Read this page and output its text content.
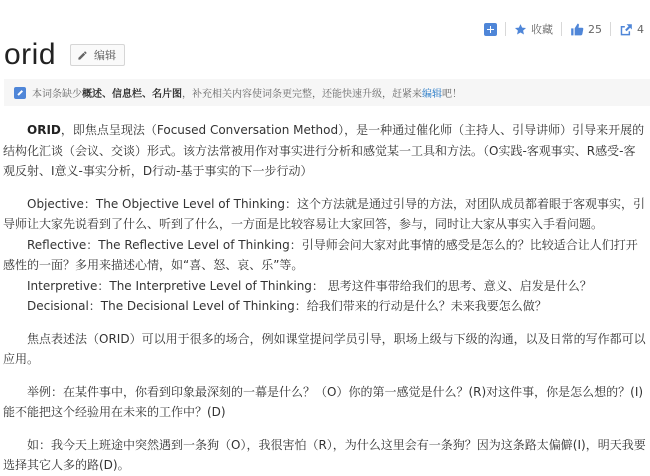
收藏	25	4
orid	编辑
本词条缺少 概述、信息栏、名片图 ，补充相关内容使词条更完整，还能快速升级，赶紧来 编辑 吧！

ORID，即焦点呈现法（Focused Conversation Method），是一种通过催化师（主持人、引导讲师）引导来开展的结构化汇谈（会议、交谈）形式。该方法常被用作对事实进行分析和感觉某一工具和方法。（O实践-客观事实、R感受-客观反射、I意义-事实分析，D行动-基于事实的下一步行动）

Objective：The Objective Level of Thinking：这个方法就是通过引导的方法，对团队成员都着眼于客观事实，引导师让大家先说看到了什么、听到了什么，一方面是比较容易让大家回答，参与，同时让大家从事实入手看问题。

Reflective：The Reflective Level of Thinking：引导师会问大家对此事情的感受是怎么的？比较适合让人们打开感性的一面？多用来描述心情，如“喜、怒、哀、乐”等。

Interpretive：The Interpretive Level of Thinking： 思考这件事带给我们的思考、意义、启发是什么？

Decisional：The Decisional Level of Thinking：给我们带来的行动是什么？未来我要怎么做？

焦点表述法（ORID）可以用于很多的场合，例如课堂提问学员引导，职场上级与下级的沟通，以及日常的写作都可以应用。

举例：在某件事中，你看到印象最深刻的一幕是什么？（O）你的第一感觉是什么？(R)对这件事，你是怎么想的？(I)能不能把这个经验用在未来的工作中？(D)

如：我今天上班途中突然遇到一条狗（O），我很害怕（R），为什么这里会有一条狗？因为这条路太偏僻(I)，明天我要选择其它人多的路(D)。
